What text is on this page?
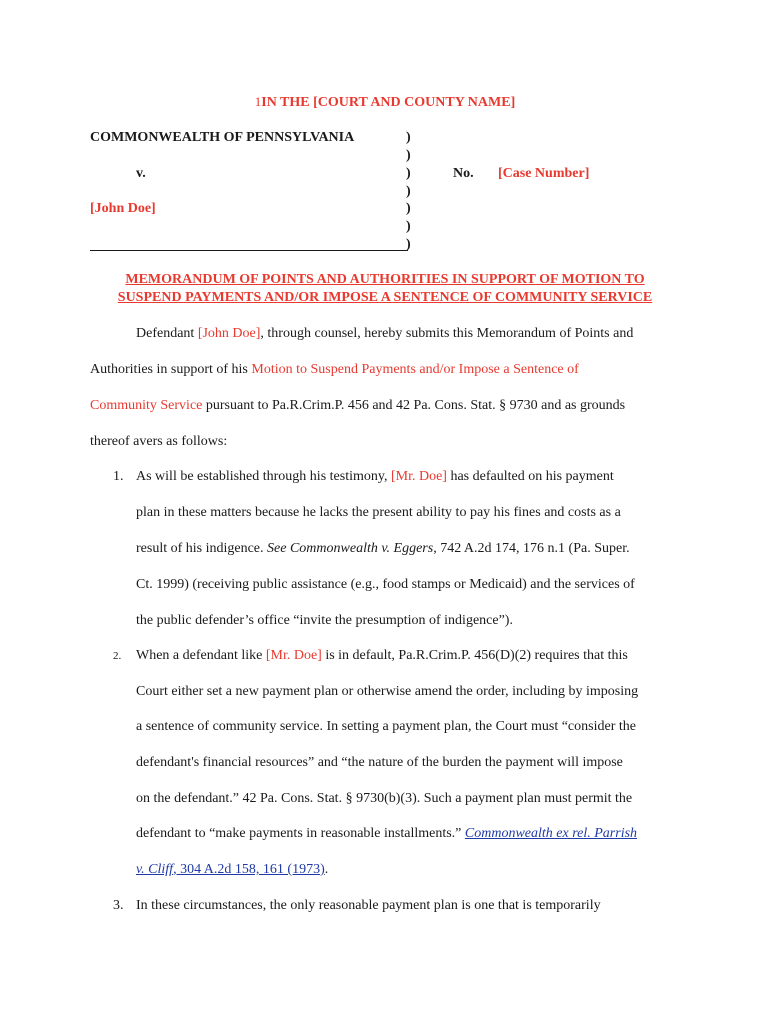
1IN THE [COURT AND COUNTY NAME]
COMMONWEALTH OF PENNSYLVANIA
v.
[John Doe]
)
)
)
)
)
)
)
No. [Case Number]
MEMORANDUM OF POINTS AND AUTHORITIES IN SUPPORT OF MOTION TO
SUSPEND PAYMENTS AND/OR IMPOSE A SENTENCE OF COMMUNITY SERVICE
Defendant [John Doe], through counsel, hereby submits this Memorandum of Points and
Authorities in support of his Motion to Suspend Payments and/or Impose a Sentence of
Community Service pursuant to Pa.R.Crim.P. 456 and 42 Pa. Cons. Stat. § 9730 and as grounds
thereof avers as follows:
1. As will be established through his testimony, [Mr. Doe] has defaulted on his payment
plan in these matters because he lacks the present ability to pay his fines and costs as a
result of his indigence. See Commonwealth v. Eggers, 742 A.2d 174, 176 n.1 (Pa. Super.
Ct. 1999) (receiving public assistance (e.g., food stamps or Medicaid) and the services of
the public defender’s office “invite the presumption of indigence”).
2. When a defendant like [Mr. Doe] is in default, Pa.R.Crim.P. 456(D)(2) requires that this
Court either set a new payment plan or otherwise amend the order, including by imposing
a sentence of community service. In setting a payment plan, the Court must “consider the
defendant's financial resources” and “the nature of the burden the payment will impose
on the defendant.” 42 Pa. Cons. Stat. § 9730(b)(3). Such a payment plan must permit the
defendant to “make payments in reasonable installments.” Commonwealth ex rel. Parrish
v. Cliff, 304 A.2d 158, 161 (1973).
3. In these circumstances, the only reasonable payment plan is one that is temporarily
